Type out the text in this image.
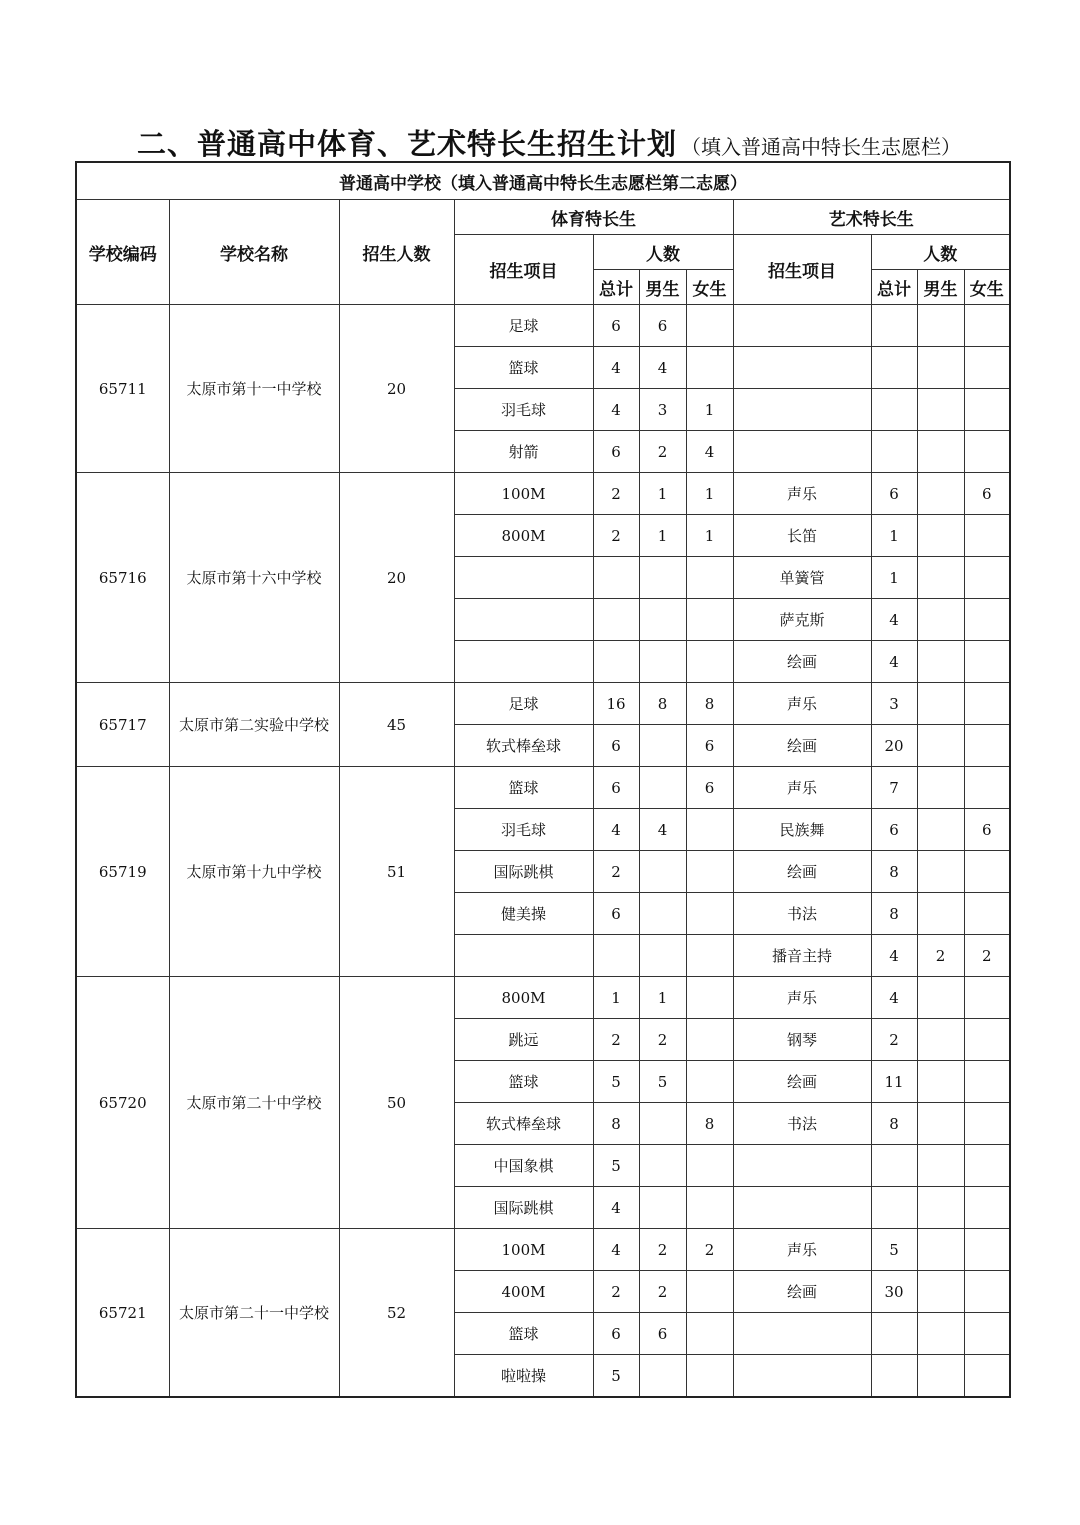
二、普通高中体育、艺术特长生招生计划 （填入普通高中特长生志愿栏）
普通高中学校（填入普通高中特长生志愿栏第二志愿）										
学校编码	学校名称	招生人数	体育特长生				艺术特长生			
			招生项目	人数			招生项目	人数		
				总计	男生	女生		总计	男生	女生
65711	太原市第十一中学校	20	足球	6	6					
			篮球	4	4					
			羽毛球	4	3	1				
			射箭	6	2	4				
65716	太原市第十六中学校	20	100M	2	1	1	声乐	6		6
			800M	2	1	1	长笛	1		
							单簧管	1		
							萨克斯	4		
							绘画	4		
65717	太原市第二实验中学校	45	足球	16	8	8	声乐	3		
			软式棒垒球	6		6	绘画	20		
65719	太原市第十九中学校	51	篮球	6		6	声乐	7		
			羽毛球	4	4		民族舞	6		6
			国际跳棋	2			绘画	8		
			健美操	6			书法	8		
							播音主持	4	2	2
65720	太原市第二十中学校	50	800M	1	1		声乐	4		
			跳远	2	2		钢琴	2		
			篮球	5	5		绘画	11		
			软式棒垒球	8		8	书法	8		
			中国象棋	5						
			国际跳棋	4						
65721	太原市第二十一中学校	52	100M	4	2	2	声乐	5		
			400M	2	2		绘画	30		
			篮球	6	6					
			啦啦操	5						
